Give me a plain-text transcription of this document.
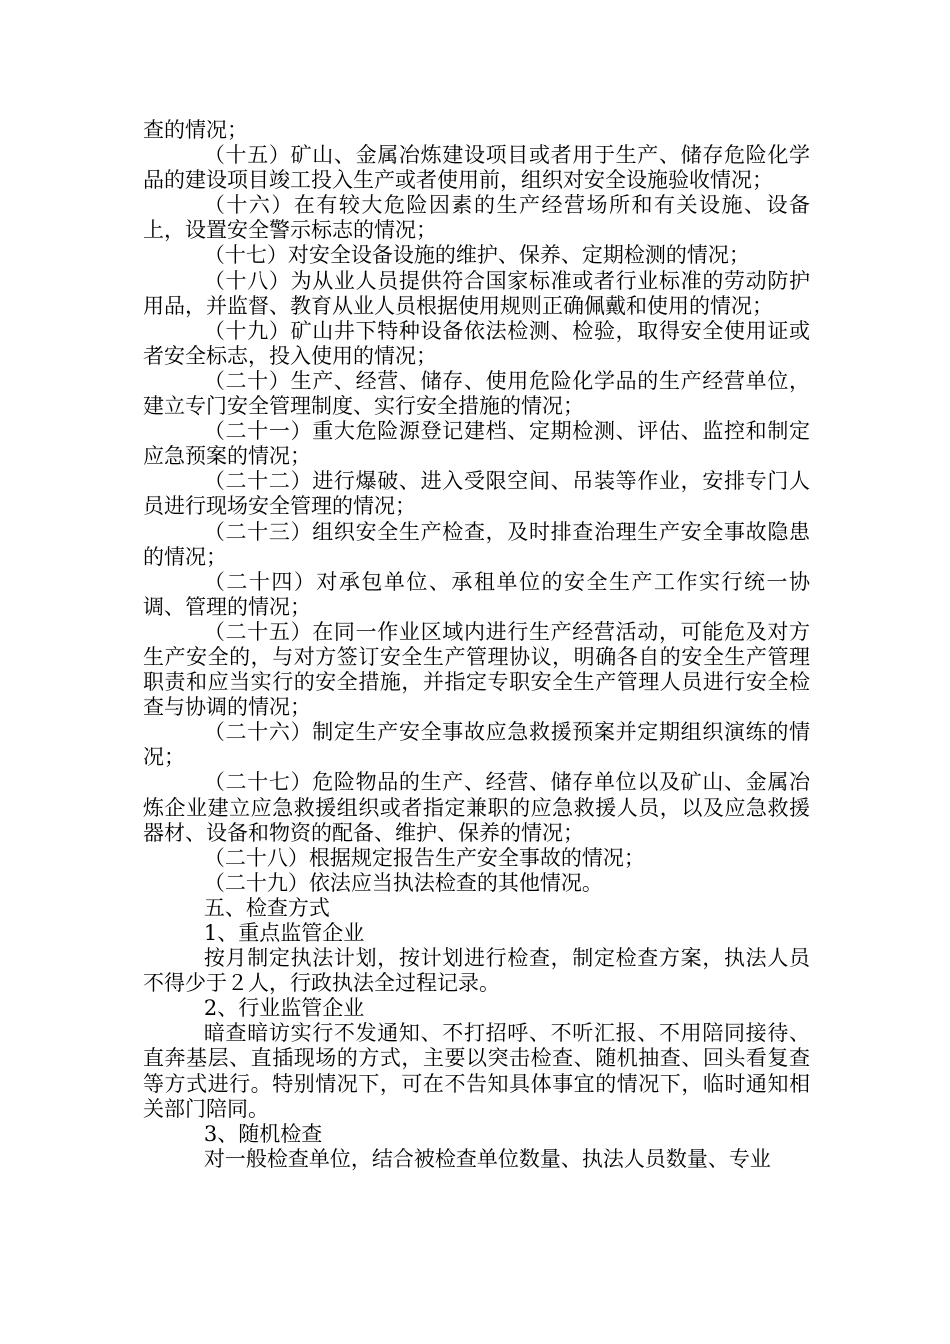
查的情况；

（十五）矿山、金属冶炼建设项目或者用于生产、储存危险化学品的建设项目竣工投入生产或者使用前，组织对安全设施验收情况；

（十六）在有较大危险因素的生产经营场所和有关设施、设备上，设置安全警示标志的情况；

（十七）对安全设备设施的维护、保养、定期检测的情况；

（十八）为从业人员提供符合国家标准或者行业标准的劳动防护用品，并监督、教育从业人员根据使用规则正确佩戴和使用的情况；

（十九）矿山井下特种设备依法检测、检验，取得安全使用证或者安全标志，投入使用的情况；

（二十）生产、经营、储存、使用危险化学品的生产经营单位，建立专门安全管理制度、实行安全措施的情况；

（二十一）重大危险源登记建档、定期检测、评估、监控和制定应急预案的情况；

（二十二）进行爆破、进入受限空间、吊装等作业，安排专门人员进行现场安全管理的情况；

（二十三）组织安全生产检查，及时排查治理生产安全事故隐患的情况；

（二十四）对承包单位、承租单位的安全生产工作实行统一协调、管理的情况；

（二十五）在同一作业区域内进行生产经营活动，可能危及对方生产安全的，与对方签订安全生产管理协议，明确各自的安全生产管理职责和应当实行的安全措施，并指定专职安全生产管理人员进行安全检查与协调的情况；

（二十六）制定生产安全事故应急救援预案并定期组织演练的情况；

（二十七）危险物品的生产、经营、储存单位以及矿山、金属冶炼企业建立应急救援组织或者指定兼职的应急救援人员，以及应急救援器材、设备和物资的配备、维护、保养的情况；

（二十八）根据规定报告生产安全事故的情况；

（二十九）依法应当执法检查的其他情况。

五、检查方式

1、重点监管企业

按月制定执法计划，按计划进行检查，制定检查方案，执法人员不得少于２人，行政执法全过程记录。

2、行业监管企业

暗查暗访实行不发通知、不打招呼、不听汇报、不用陪同接待、直奔基层、直插现场的方式，主要以突击检查、随机抽查、回头看复查等方式进行。特别情况下，可在不告知具体事宜的情况下，临时通知相关部门陪同。

3、随机检查

对一般检查单位，结合被检查单位数量、执法人员数量、专业
